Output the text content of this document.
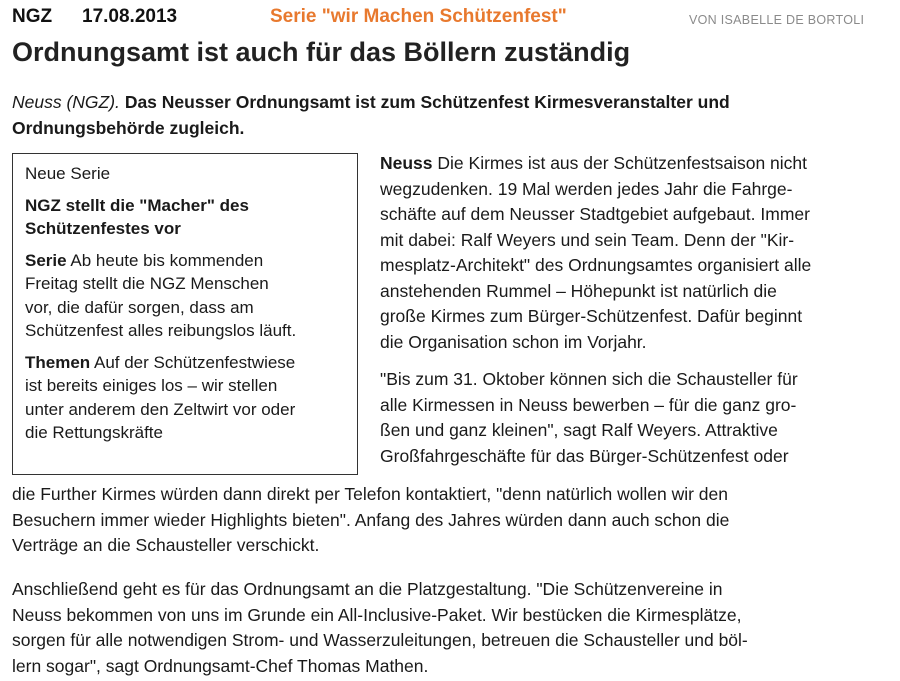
NGZ 17.08.2013	Serie "wir Machen Schützenfest"	VON ISABELLE DE BORTOLI
Ordnungsamt ist auch für das Böllern zuständig

Neuss (NGZ). Das Neusser Ordnungsamt ist zum Schützenfest Kirmesveranstalter und Ordnungsbehörde zugleich.

Neue Serie

NGZ stellt die "Macher" des
Schützenfestes vor

Serie Ab heute bis kommenden
Freitag stellt die NGZ Menschen
vor, die dafür sorgen, dass am
Schützenfest alles reibungslos läuft.

Themen Auf der Schützenfestwiese
ist bereits einiges los – wir stellen
unter anderem den Zeltwirt vor oder
die Rettungskräfte

Neuss Die Kirmes ist aus der Schützenfestsaison nicht
wegzudenken. 19 Mal werden jedes Jahr die Fahrge-
schäfte auf dem Neusser Stadtgebiet aufgebaut. Immer
mit dabei: Ralf Weyers und sein Team. Denn der "Kir-
mesplatz-Architekt" des Ordnungsamtes organisiert alle
anstehenden Rummel – Höhepunkt ist natürlich die
große Kirmes zum Bürger-Schützenfest. Dafür beginnt
die Organisation schon im Vorjahr.

"Bis zum 31. Oktober können sich die Schausteller für
alle Kirmessen in Neuss bewerben – für die ganz gro-
ßen und ganz kleinen", sagt Ralf Weyers. Attraktive
Großfahrgeschäfte für das Bürger-Schützenfest oder

die Further Kirmes würden dann direkt per Telefon kontaktiert, "denn natürlich wollen wir den
Besuchern immer wieder Highlights bieten". Anfang des Jahres würden dann auch schon die
Verträge an die Schausteller verschickt.

Anschließend geht es für das Ordnungsamt an die Platzgestaltung. "Die Schützenvereine in
Neuss bekommen von uns im Grunde ein All-Inclusive-Paket. Wir bestücken die Kirmesplätze,
sorgen für alle notwendigen Strom- und Wasserzuleitungen, betreuen die Schausteller und böl-
lern sogar", sagt Ordnungsamt-Chef Thomas Mathen.
